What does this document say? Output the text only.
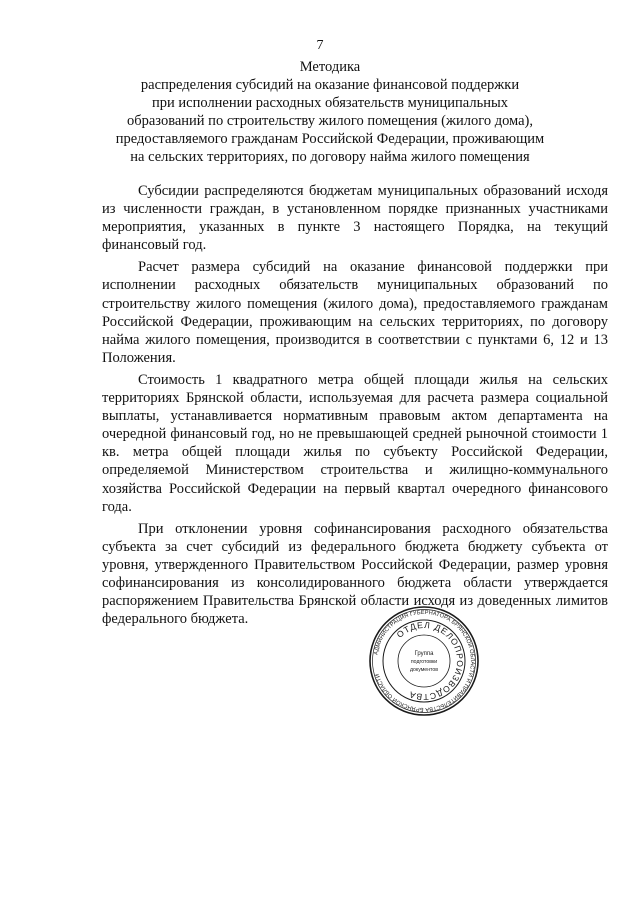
7
Методика
распределения субсидий на оказание финансовой поддержки
при исполнении расходных обязательств муниципальных
образований по строительству жилого помещения (жилого дома),
предоставляемого гражданам Российской Федерации, проживающим
на сельских территориях, по договору найма жилого помещения

Субсидии распределяются бюджетам муниципальных образований исходя из численности граждан, в установленном порядке признанных участниками мероприятия, указанных в пункте 3 настоящего Порядка, на текущий финансовый год.

Расчет размера субсидий на оказание финансовой поддержки при исполнении расходных обязательств муниципальных образований по строительству жилого помещения (жилого дома), предоставляемого гражданам Российской Федерации, проживающим на сельских территориях, по договору найма жилого помещения, производится в соответствии с пунктами 6, 12 и 13 Положения.

Стоимость 1 квадратного метра общей площади жилья на сельских территориях Брянской области, используемая для расчета размера социальной выплаты, устанавливается нормативным правовым актом департамента на очередной финансовый год, но не превышающей средней рыночной стоимости 1 кв. метра общей площади жилья по субъекту Российской Федерации, определяемой Министерством строительства и жилищно-коммунального хозяйства Российской Федерации на первый квартал очередного финансового года.

При отклонении уровня софинансирования расходного обязательства субъекта за счет субсидий из федерального бюджета бюджету субъекта от уровня, утвержденного Правительством Российской Федерации, размер уровня софинансирования из консолидированного бюджета области утверждается распоряжением Правительства Брянской области исходя из доведенных лимитов федерального бюджета.

АДМИНИСТРАЦИЯ ГУБЕРНАТОРА БРЯНСКОЙ ОБЛАСТИ И ПРАВИТЕЛЬСТВА БРЯНСКОЙ ОБЛАСТИ
ОТДЕЛ ДЕЛОПРОИЗВОДСТВА
Группа
подготовки
документов
